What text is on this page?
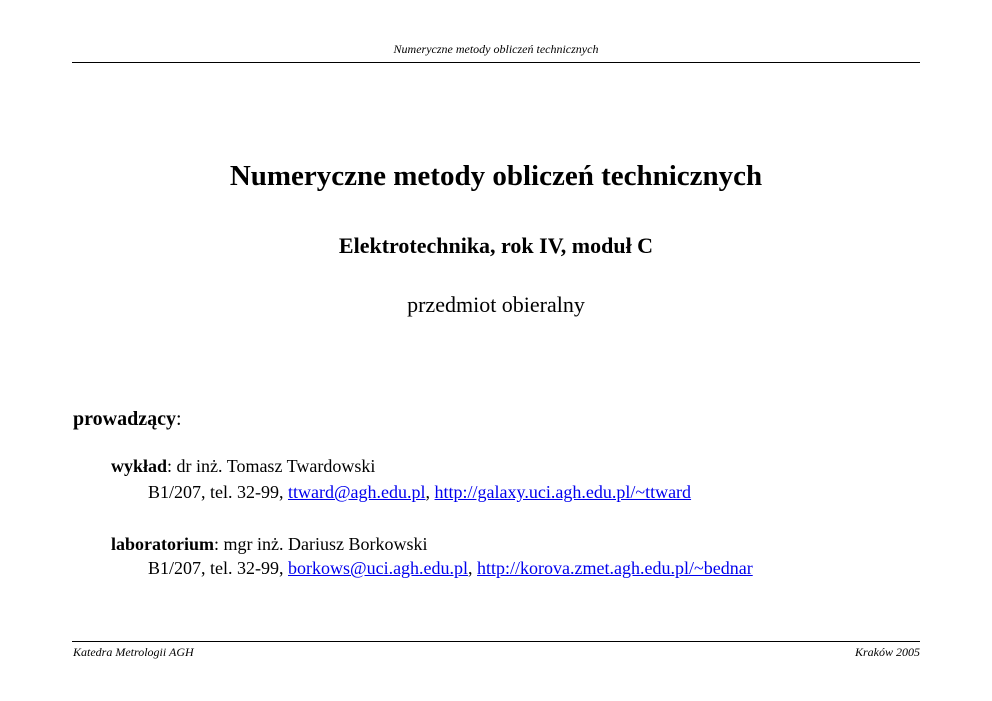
Numeryczne metody obliczeń technicznych
Numeryczne metody obliczeń technicznych
Elektrotechnika, rok IV, moduł C
przedmiot obieralny
prowadzący:
wykład: dr inż. Tomasz Twardowski
B1/207, tel. 32-99, ttward@agh.edu.pl, http://galaxy.uci.agh.edu.pl/~ttward
laboratorium: mgr inż. Dariusz Borkowski
B1/207, tel. 32-99, borkows@uci.agh.edu.pl, http://korova.zmet.agh.edu.pl/~bednar
Katedra Metrologii AGH	Kraków 2005
